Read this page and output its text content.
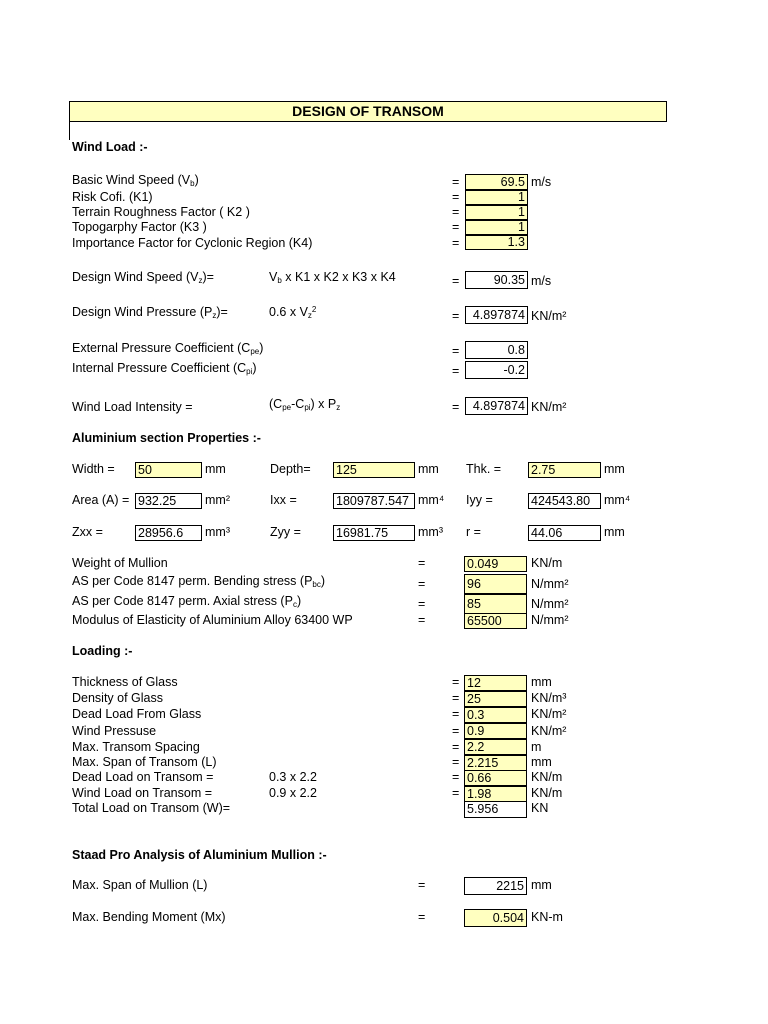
DESIGN OF TRANSOM
Wind Load :-
Basic Wind Speed $(V_b)$	=	69.5 m/s
Risk Cofi. (K1)	=	1
Terrain Roughness Factor ( K2 )	=	1
Topogarphy Factor (K3 )	=	1
Importance Factor for Cyclonic Region (K4)	=	1.3
Design Wind Speed $(V_z)=$	$V_b$ x K1 x K2 x K3 x K4	=	90.35 m/s
Design Wind Pressure $(P_z)=$	0.6 x $V_z^2$	=	4.897874 KN/m²
External Pressure Coefficient $(C_{pe})$	=	0.8
Internal Pressure Coefficient $(C_{pi})$	=	-0.2
Wind Load Intensity =	$(C_{pe}-C_{pi})$ x $P_z$	=	4.897874 KN/m²
Aluminium section Properties :-
Width = 50	mm	Depth= 125	mm Thk. = 2.75	mm
Area (A) = 932.25	mm²	Ixx =	1809787.547 mm⁴ Iyy =	424543.80	mm⁴
Zxx =	28956.6	mm³	Zyy =	16981.75	mm³ r =	44.06	mm
Weight of Mullion	=	0.049	KN/m
AS per Code 8147 perm. Bending stress $(P_{bc})$	=	96	N/mm²
AS per Code 8147 perm. Axial stress $(P_c)$	=	85	N/mm²
Modulus of Elasticity of Aluminium Alloy 63400 WP	=	65500	N/mm²
Loading :-
Thickness of Glass	= 12	mm
Density of Glass	= 25	KN/m³
Dead Load From Glass	= 0.3	KN/m²
Wind Pressuse	= 0.9	KN/m²
Max. Transom Spacing	= 2.2	m
Max. Span of Transom (L)	= 2.215	mm
Dead Load on Transom =	0.3 x 2.2	= 0.66	KN/m
Wind Load on Transom =	0.9 x 2.2	= 1.98	KN/m
Total Load on Transom (W)=	5.956	KN
Staad Pro Analysis of Aluminium Mullion :-
Max. Span of Mullion (L)	=	2215 mm
Max. Bending Moment (Mx)	=	0.504 KN-m
